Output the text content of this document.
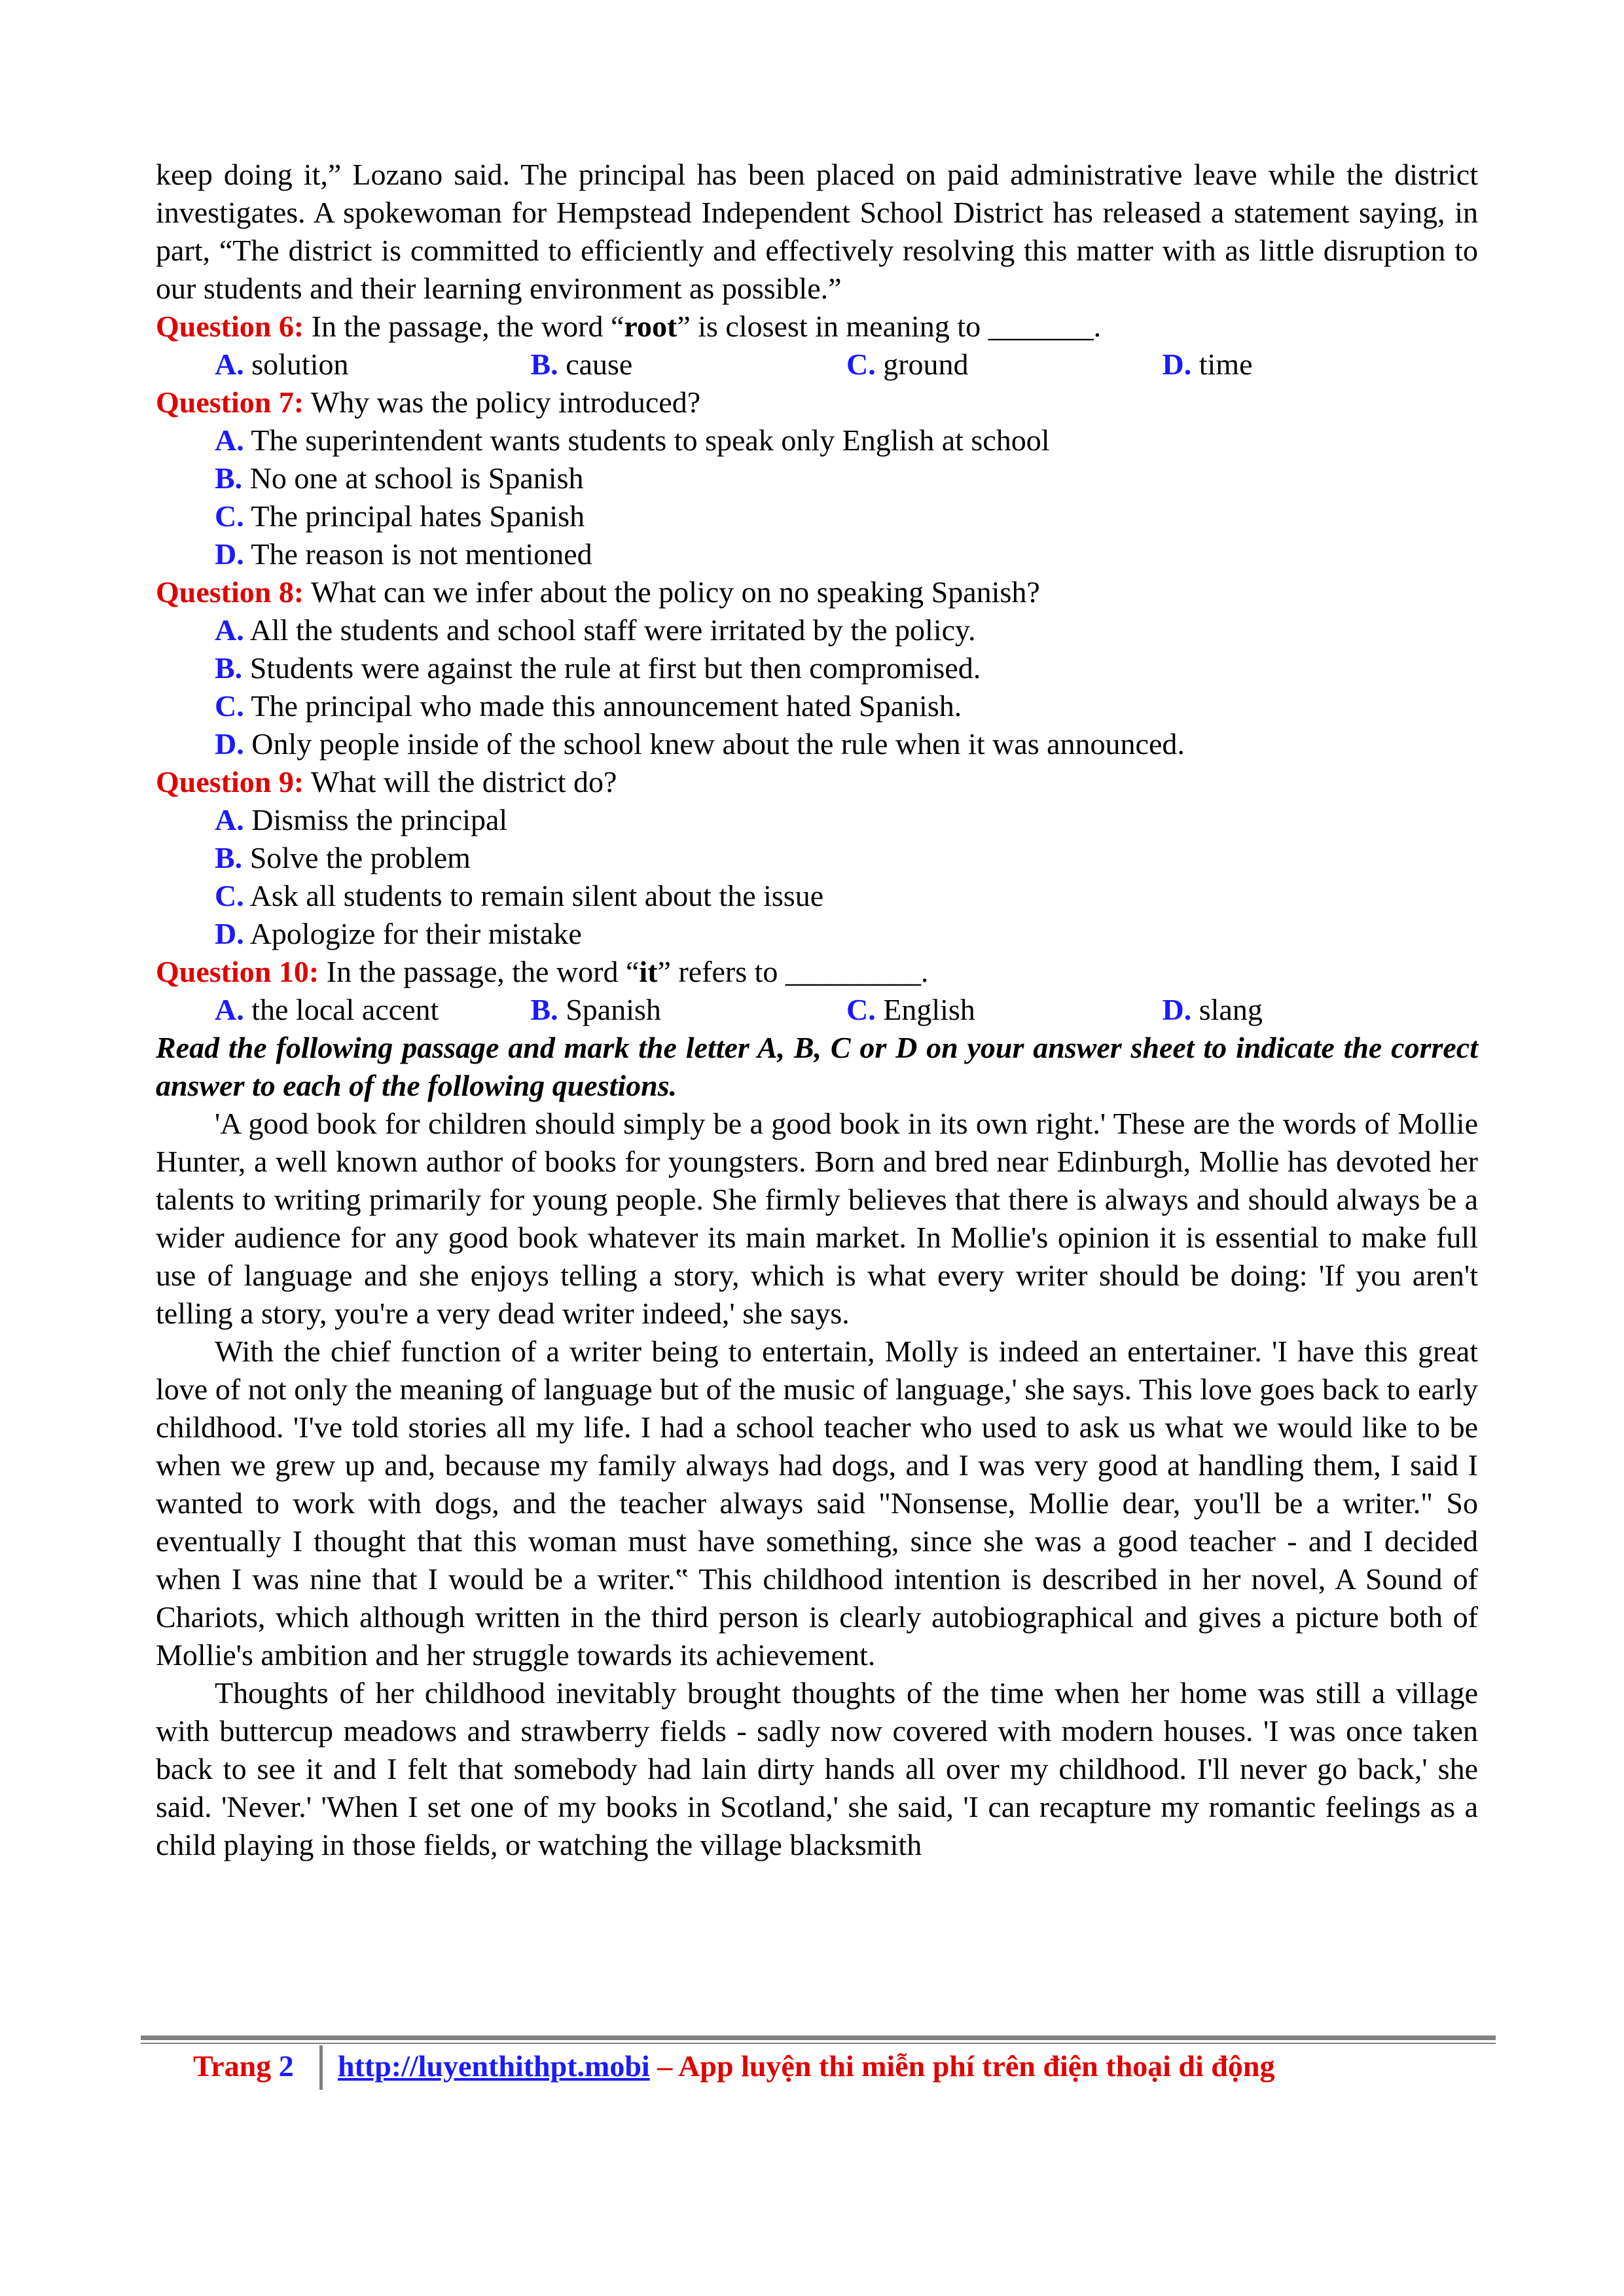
keep doing it,” Lozano said. The principal has been placed on paid administrative leave while the district investigates. A spokewoman for Hempstead Independent School District has released a statement saying, in part, “The district is committed to efficiently and effectively resolving this matter with as little disruption to our students and their learning environment as possible.”

Question 6: In the passage, the word “root” is closest in meaning to _______.

A. solution	B. cause	C. ground	D. time

Question 7: Why was the policy introduced?

A. The superintendent wants students to speak only English at school

B. No one at school is Spanish

C. The principal hates Spanish

D. The reason is not mentioned

Question 8: What can we infer about the policy on no speaking Spanish?

A. All the students and school staff were irritated by the policy.

B. Students were against the rule at first but then compromised.

C. The principal who made this announcement hated Spanish.

D. Only people inside of the school knew about the rule when it was announced.

Question 9: What will the district do?

A. Dismiss the principal

B. Solve the problem

C. Ask all students to remain silent about the issue

D. Apologize for their mistake

Question 10: In the passage, the word “it” refers to _________.

A. the local accent	B. Spanish	C. English	D. slang

Read the following passage and mark the letter A, B, C or D on your answer sheet to indicate the correct answer to each of the following questions.

'A good book for children should simply be a good book in its own right.' These are the words of Mollie Hunter, a well known author of books for youngsters. Born and bred near Edinburgh, Mollie has devoted her talents to writing primarily for young people. She firmly believes that there is always and should always be a wider audience for any good book whatever its main market. In Mollie's opinion it is essential to make full use of language and she enjoys telling a story, which is what every writer should be doing: 'If you aren't telling a story, you're a very dead writer indeed,' she says.

With the chief function of a writer being to entertain, Molly is indeed an entertainer. 'I have this great love of not only the meaning of language but of the music of language,' she says. This love goes back to early childhood. 'I've told stories all my life. I had a school teacher who used to ask us what we would like to be when we grew up and, because my family always had dogs, and I was very good at handling them, I said I wanted to work with dogs, and the teacher always said "Nonsense, Mollie dear, you'll be a writer." So eventually I thought that this woman must have something, since she was a good teacher - and I decided when I was nine that I would be a writer.‟ This childhood intention is described in her novel, A Sound of Chariots, which although written in the third person is clearly autobiographical and gives a picture both of Mollie's ambition and her struggle towards its achievement.

Thoughts of her childhood inevitably brought thoughts of the time when her home was still a village with buttercup meadows and strawberry fields - sadly now covered with modern houses. 'I was once taken back to see it and I felt that somebody had lain dirty hands all over my childhood. I'll never go back,' she said. 'Never.' 'When I set one of my books in Scotland,' she said, 'I can recapture my romantic feelings as a child playing in those fields, or watching the village blacksmith

Trang 2 http://luyenthithpt.mobi – App luyện thi miễn phí trên điện thoại di động
